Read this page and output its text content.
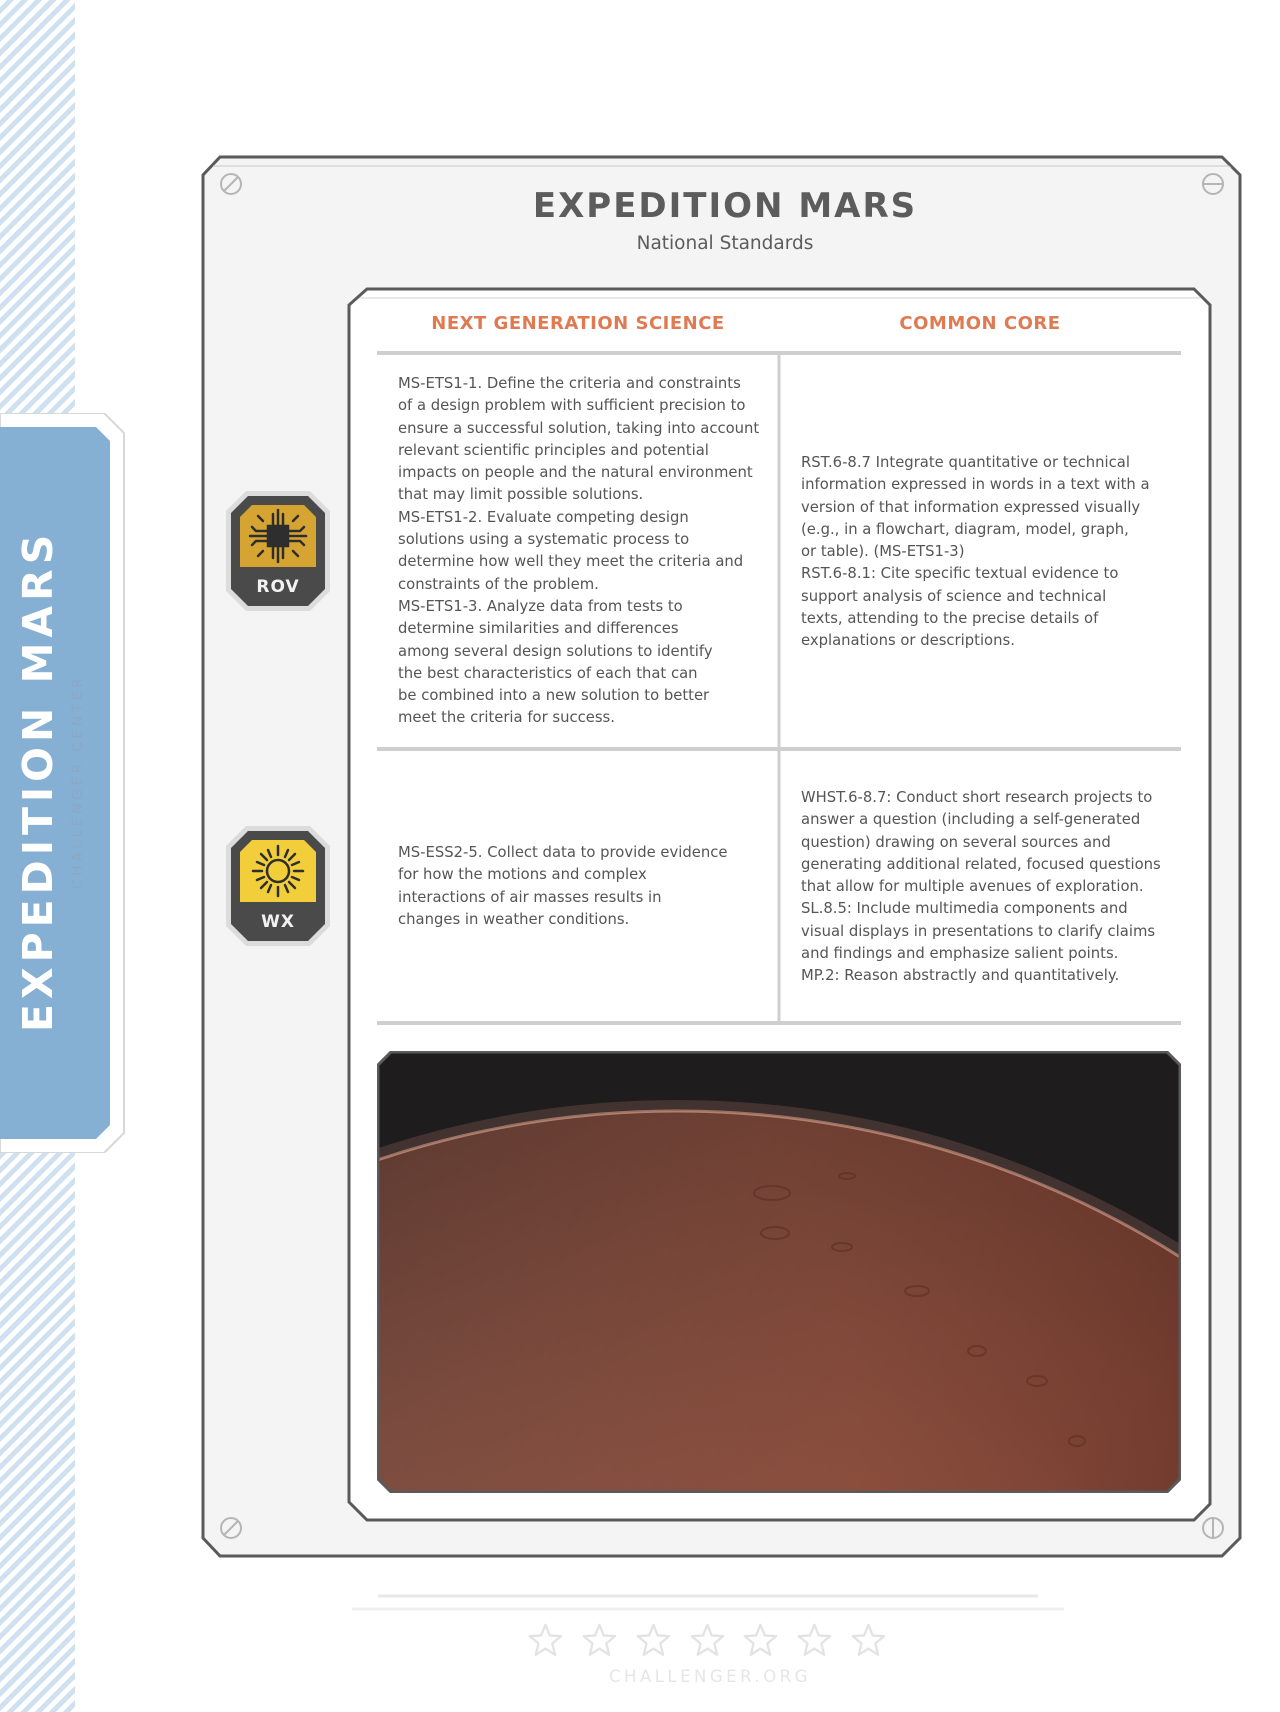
EXPEDITION MARS CHALLENGER CENTER
EXPEDITION MARS
National Standards
NEXT GENERATION SCIENCE	COMMON CORE
MS-ETS1-1. Define the criteria and constraints
of a design problem with sufficient precision to
ensure a successful solution, taking into account
relevant scientific principles and potential
impacts on people and the natural environment
that may limit possible solutions.
MS-ETS1-2. Evaluate competing design
solutions using a systematic process to
determine how well they meet the criteria and
constraints of the problem.
MS-ETS1-3. Analyze data from tests to
determine similarities and differences
among several design solutions to identify
the best characteristics of each that can
be combined into a new solution to better
meet the criteria for success.
RST.6-8.7 Integrate quantitative or technical
information expressed in words in a text with a
version of that information expressed visually
(e.g., in a flowchart, diagram, model, graph,
or table). (MS-ETS1-3)
RST.6-8.1: Cite specific textual evidence to
support analysis of science and technical
texts, attending to the precise details of
explanations or descriptions.
MS-ESS2-5. Collect data to provide evidence
for how the motions and complex
interactions of air masses results in
changes in weather conditions.
WHST.6-8.7: Conduct short research projects to
answer a question (including a self-generated
question) drawing on several sources and
generating additional related, focused questions
that allow for multiple avenues of exploration.
SL.8.5: Include multimedia components and
visual displays in presentations to clarify claims
and findings and emphasize salient points.
MP.2: Reason abstractly and quantitatively.
ROV
WX
CHALLENGER.ORG
